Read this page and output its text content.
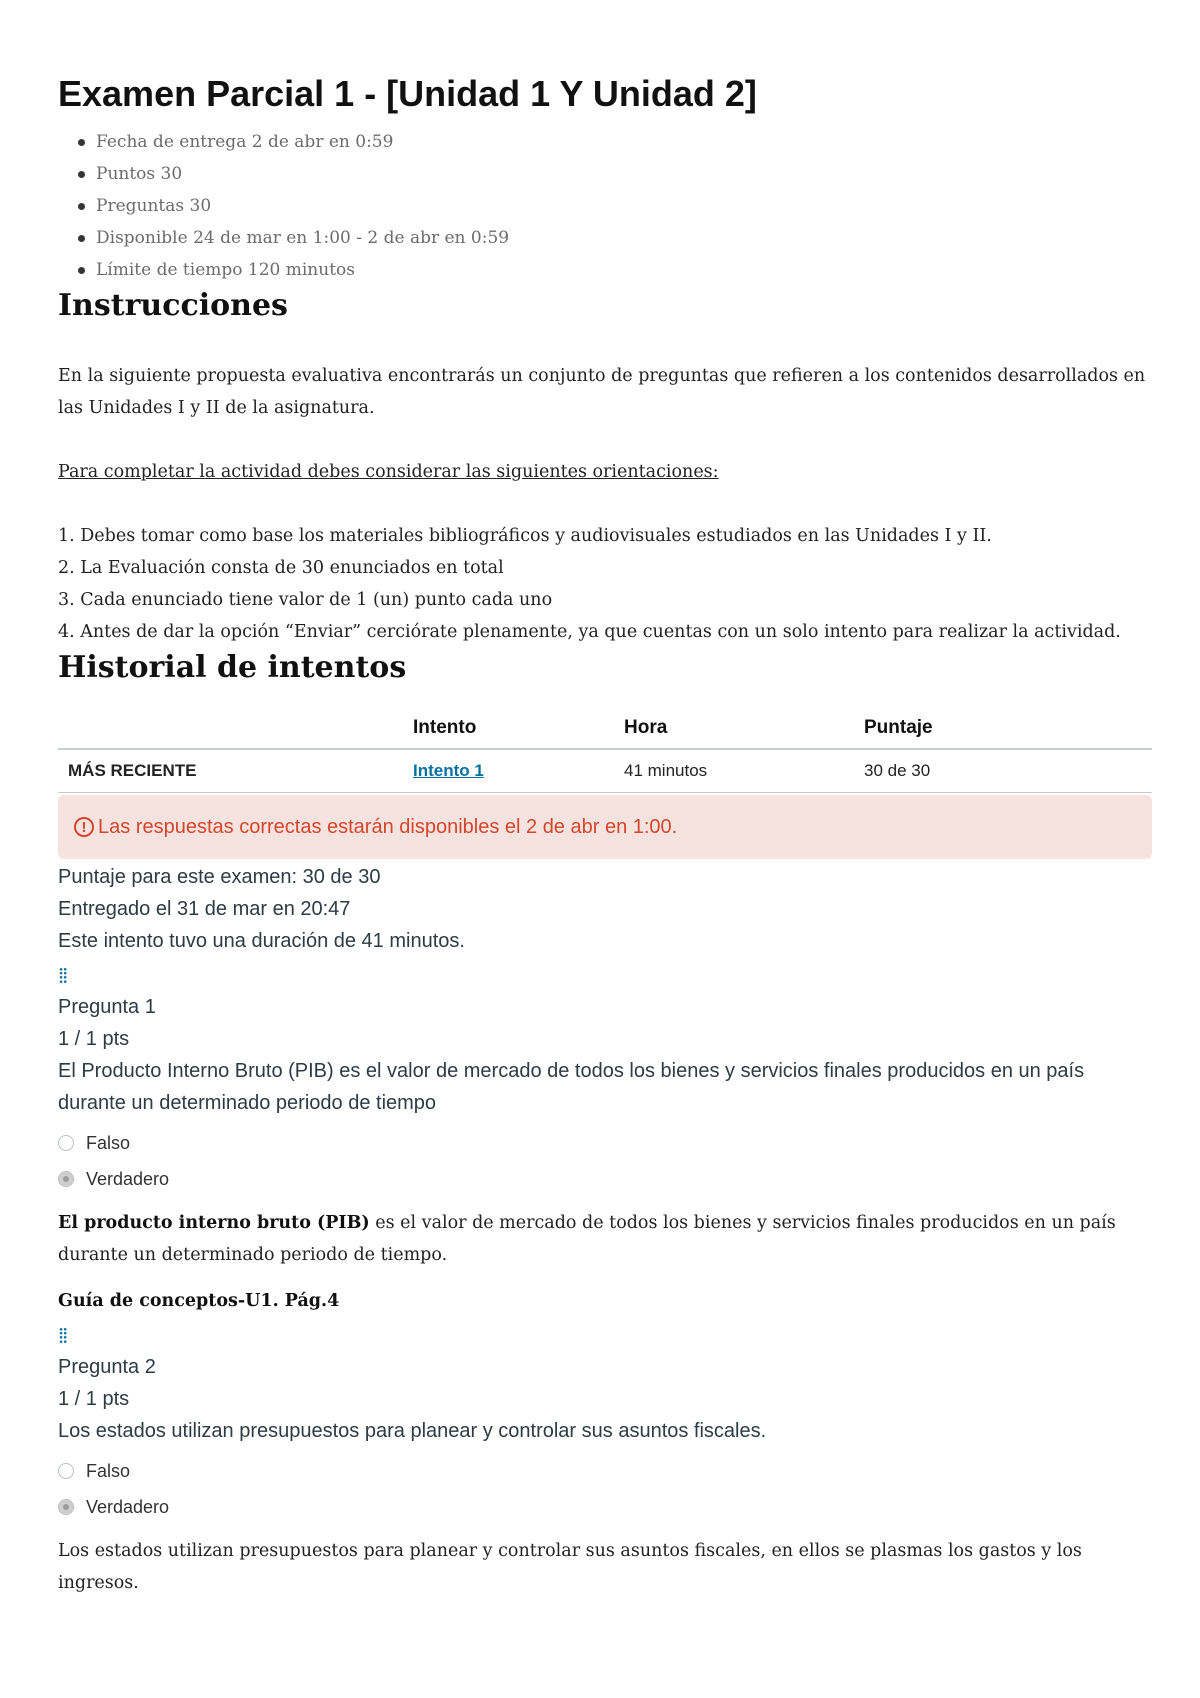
Examen Parcial 1 - [Unidad 1 Y Unidad 2]
Fecha de entrega 2 de abr en 0:59
Puntos 30
Preguntas 30
Disponible 24 de mar en 1:00 - 2 de abr en 0:59
Límite de tiempo 120 minutos
Instrucciones

En la siguiente propuesta evaluativa encontrarás un conjunto de preguntas que refieren a los contenidos desarrollados en las Unidades I y II de la asignatura.

Para completar la actividad debes considerar las siguientes orientaciones:

1. Debes tomar como base los materiales bibliográficos y audiovisuales estudiados en las Unidades I y II.

2. La Evaluación consta de 30 enunciados en total

3. Cada enunciado tiene valor de 1 (un) punto cada uno

4. Antes de dar la opción “Enviar” cerciórate plenamente, ya que cuentas con un solo intento para realizar la actividad.

Historial de intentos
	Intento	Hora	Puntaje
MÁS RECIENTE	Intento 1	41 minutos	30 de 30
! Las respuestas correctas estarán disponibles el 2 de abr en 1:00.
Puntaje para este examen: 30 de 30
Entregado el 31 de mar en 20:47
Este intento tuvo una duración de 41 minutos.
⁞⁞
Pregunta 1
1 / 1 pts
El Producto Interno Bruto (PIB) es el valor de mercado de todos los bienes y servicios finales producidos en un país durante un determinado periodo de tiempo
Falso
Verdadero

El producto interno bruto (PIB) es el valor de mercado de todos los bienes y servicios finales producidos en un país durante un determinado periodo de tiempo.

Guía de conceptos-U1. Pág.4

⁞⁞
Pregunta 2
1 / 1 pts
Los estados utilizan presupuestos para planear y controlar sus asuntos fiscales.
Falso
Verdadero

Los estados utilizan presupuestos para planear y controlar sus asuntos fiscales, en ellos se plasmas los gastos y los ingresos.
